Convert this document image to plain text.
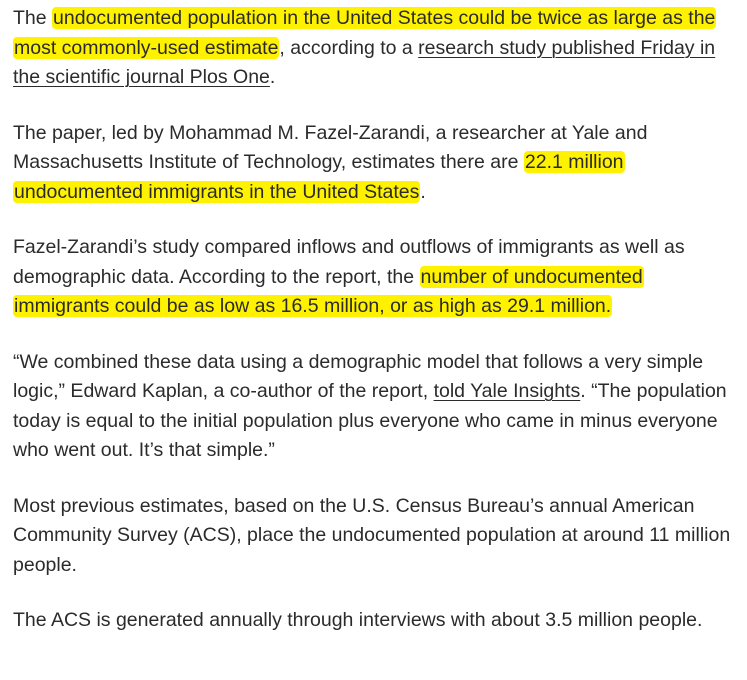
The undocumented population in the United States could be twice as large as the most commonly-used estimate, according to a research study published Friday in the scientific journal Plos One.

The paper, led by Mohammad M. Fazel-Zarandi, a researcher at Yale and Massachusetts Institute of Technology, estimates there are 22.1 million undocumented immigrants in the United States.

Fazel-Zarandi’s study compared inflows and outflows of immigrants as well as demographic data. According to the report, the number of undocumented immigrants could be as low as 16.5 million, or as high as 29.1 million.

“We combined these data using a demographic model that follows a very simple logic,” Edward Kaplan, a co-author of the report, told Yale Insights. “The population today is equal to the initial population plus everyone who came in minus everyone who went out. It’s that simple.”

Most previous estimates, based on the U.S. Census Bureau’s annual American Community Survey (ACS), place the undocumented population at around 11 million people.

The ACS is generated annually through interviews with about 3.5 million people.
